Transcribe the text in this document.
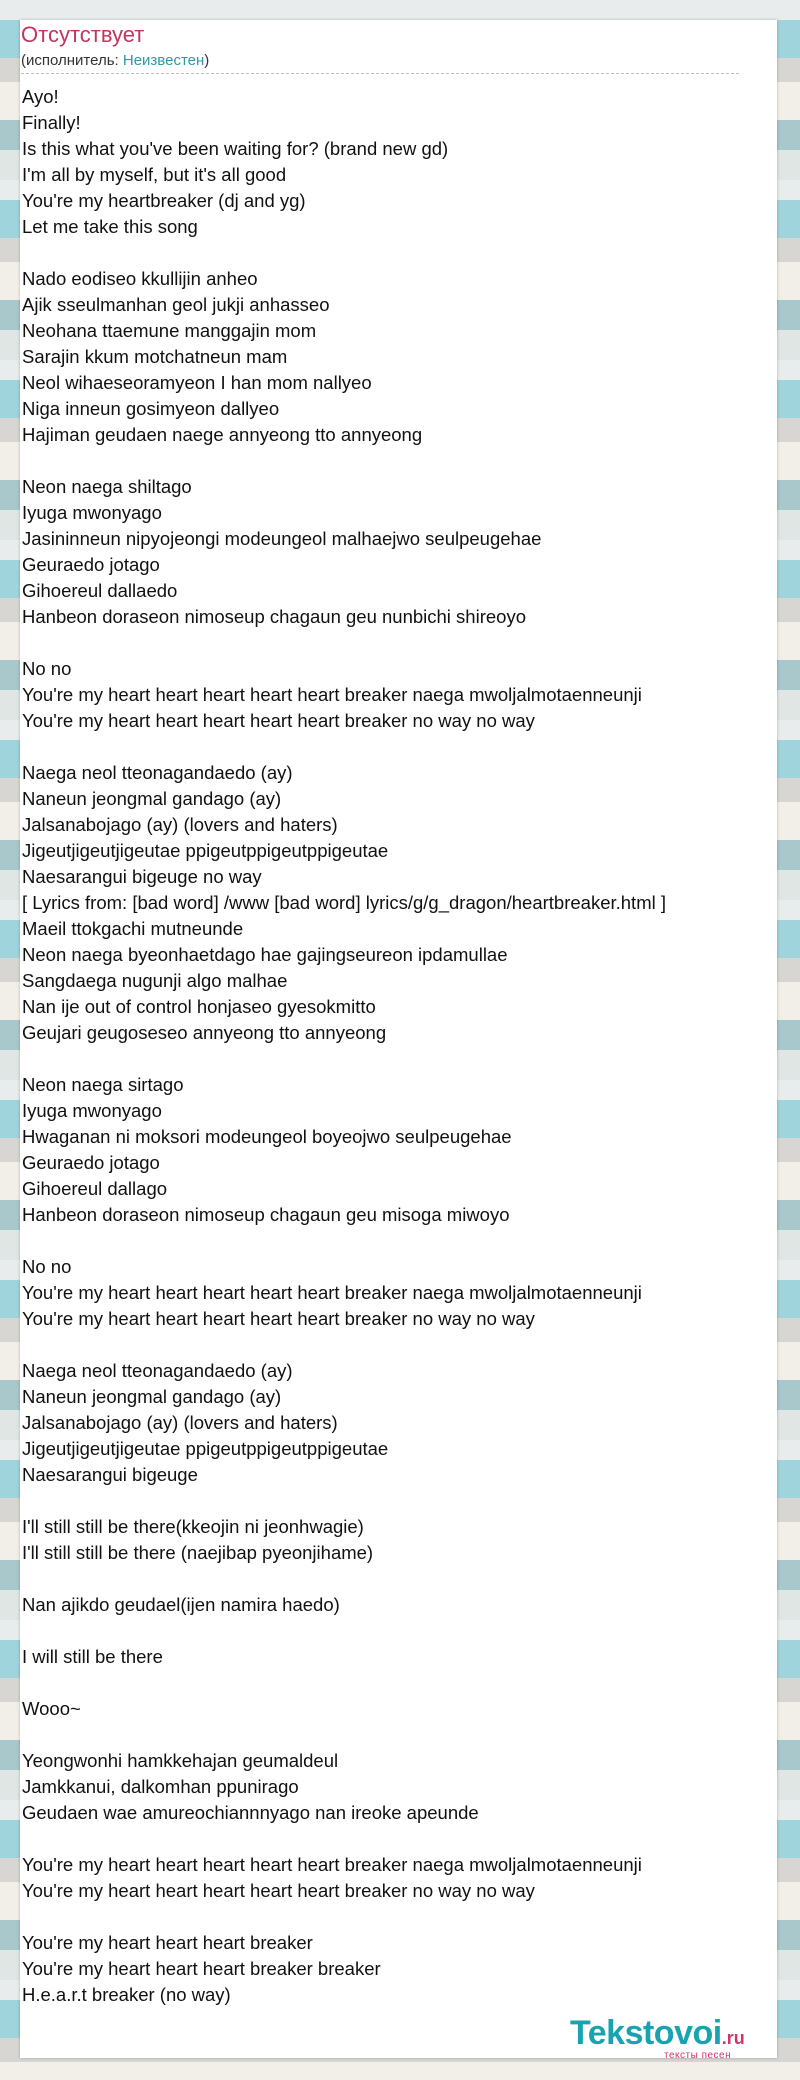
Отсутствует
(исполнитель: Неизвестен)
Ayo!
Finally!
Is this what you've been waiting for? (brand new gd)
I'm all by myself, but it's all good
You're my heartbreaker (dj and yg)
Let me take this song
Nado eodiseo kkullijin anheo
Ajik sseulmanhan geol jukji anhasseo
Neohana ttaemune manggajin mom
Sarajin kkum motchatneun mam
Neol wihaeseoramyeon I han mom nallyeo
Niga inneun gosimyeon dallyeo
Hajiman geudaen naege annyeong tto annyeong
Neon naega shiltago
Iyuga mwonyago
Jasininneun nipyojeongi modeungeol malhaejwo seulpeugehae
Geuraedo jotago
Gihoereul dallaedo
Hanbeon doraseon nimoseup chagaun geu nunbichi shireoyo
No no
You're my heart heart heart heart heart breaker naega mwoljalmotaenneunji
You're my heart heart heart heart heart breaker no way no way
Naega neol tteonagandaedo (ay)
Naneun jeongmal gandago (ay)
Jalsanabojago (ay) (lovers and haters)
Jigeutjigeutjigeutae ppigeutppigeutppigeutae
Naesarangui bigeuge no way
[ Lyrics from: [bad word] /www [bad word] lyrics/g/g_dragon/heartbreaker.html ]
Maeil ttokgachi mutneunde
Neon naega byeonhaetdago hae gajingseureon ipdamullae
Sangdaega nugunji algo malhae
Nan ije out of control honjaseo gyesokmitto
Geujari geugoseseo annyeong tto annyeong
Neon naega sirtago
Iyuga mwonyago
Hwaganan ni moksori modeungeol boyeojwo seulpeugehae
Geuraedo jotago
Gihoereul dallago
Hanbeon doraseon nimoseup chagaun geu misoga miwoyo
No no
You're my heart heart heart heart heart breaker naega mwoljalmotaenneunji
You're my heart heart heart heart heart breaker no way no way
Naega neol tteonagandaedo (ay)
Naneun jeongmal gandago (ay)
Jalsanabojago (ay) (lovers and haters)
Jigeutjigeutjigeutae ppigeutppigeutppigeutae
Naesarangui bigeuge
I'll still still be there(kkeojin ni jeonhwagie)
I'll still still be there (naejibap pyeonjihame)
Nan ajikdo geudael(ijen namira haedo)
I will still be there
Wooo~
Yeongwonhi hamkkehajan geumaldeul
Jamkkanui, dalkomhan ppunirago
Geudaen wae amureochiannnyago nan ireoke apeunde
You're my heart heart heart heart heart breaker naega mwoljalmotaenneunji
You're my heart heart heart heart heart breaker no way no way
You're my heart heart heart breaker
You're my heart heart heart breaker breaker
H.e.a.r.t breaker (no way)
Tekstovoi.ru
тексты песен
